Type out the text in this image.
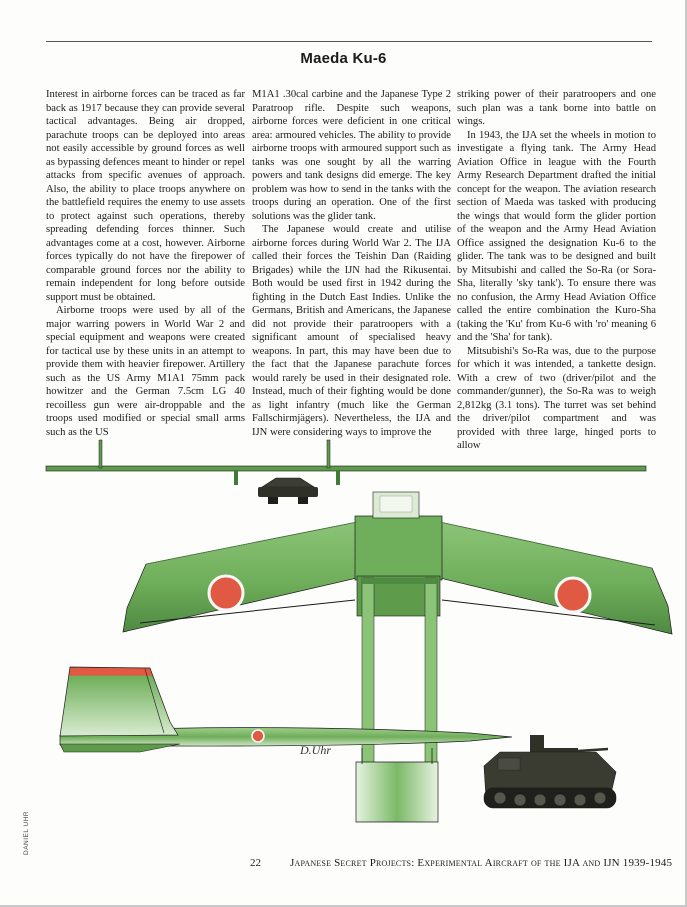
Maeda Ku-6

Interest in airborne forces can be traced as far back as 1917 because they can provide several tactical advantages. Being air dropped, parachute troops can be deployed into areas not easily accessible by ground forces as well as bypassing defences meant to hinder or repel attacks from specific avenues of approach. Also, the ability to place troops anywhere on the battlefield requires the enemy to use assets to protect against such operations, thereby spreading defending forces thinner. Such advantages come at a cost, however. Airborne forces typically do not have the firepower of comparable ground forces nor the ability to remain independent for long before outside support must be obtained.

Airborne troops were used by all of the major warring powers in World War 2 and special equipment and weapons were created for tactical use by these units in an attempt to provide them with heavier firepower. Artillery such as the US Army M1A1 75mm pack howitzer and the German 7.5cm LG 40 recoilless gun were air-droppable and the troops used modified or special small arms such as the US

M1A1 .30cal carbine and the Japanese Type 2 Paratroop rifle. Despite such weapons, airborne forces were deficient in one critical area: armoured vehicles. The ability to provide airborne troops with armoured support such as tanks was one sought by all the warring powers and tank designs did emerge. The key problem was how to send in the tanks with the troops during an operation. One of the first solutions was the glider tank.

The Japanese would create and utilise airborne forces during World War 2. The IJA called their forces the Teishin Dan (Raiding Brigades) while the IJN had the Rikusentai. Both would be used first in 1942 during the fighting in the Dutch East Indies. Unlike the Germans, British and Americans, the Japanese did not provide their paratroopers with a significant amount of specialised heavy weapons. In part, this may have been due to the fact that the Japanese parachute forces would rarely be used in their designated role. Instead, much of their fighting would be done as light infantry (much like the German Fallschirmjägers). Nevertheless, the IJA and IJN were considering ways to improve the

striking power of their paratroopers and one such plan was a tank borne into battle on wings.

In 1943, the IJA set the wheels in motion to investigate a flying tank. The Army Head Aviation Office in league with the Fourth Army Research Department drafted the initial concept for the weapon. The aviation research section of Maeda was tasked with producing the wings that would form the glider portion of the weapon and the Army Head Aviation Office assigned the designation Ku-6 to the glider. The tank was to be designed and built by Mitsubishi and called the So-Ra (or Sora-Sha, literally 'sky tank'). To ensure there was no confusion, the Army Head Aviation Office called the entire combination the Kuro-Sha (taking the 'Ku' from Ku-6 with 'ro' meaning 6 and the 'Sha' for tank).

Mitsubishi's So-Ra was, due to the purpose for which it was intended, a tankette design. With a crew of two (driver/pilot and the commander/gunner), the So-Ra was to weigh 2,812kg (3.1 tons). The turret was set behind the driver/pilot compartment and was provided with three large, hinged ports to allow

D.Uhr
DANIEL UHR
22	Japanese Secret Projects: Experimental Aircraft of the IJA and IJN 1939-1945
